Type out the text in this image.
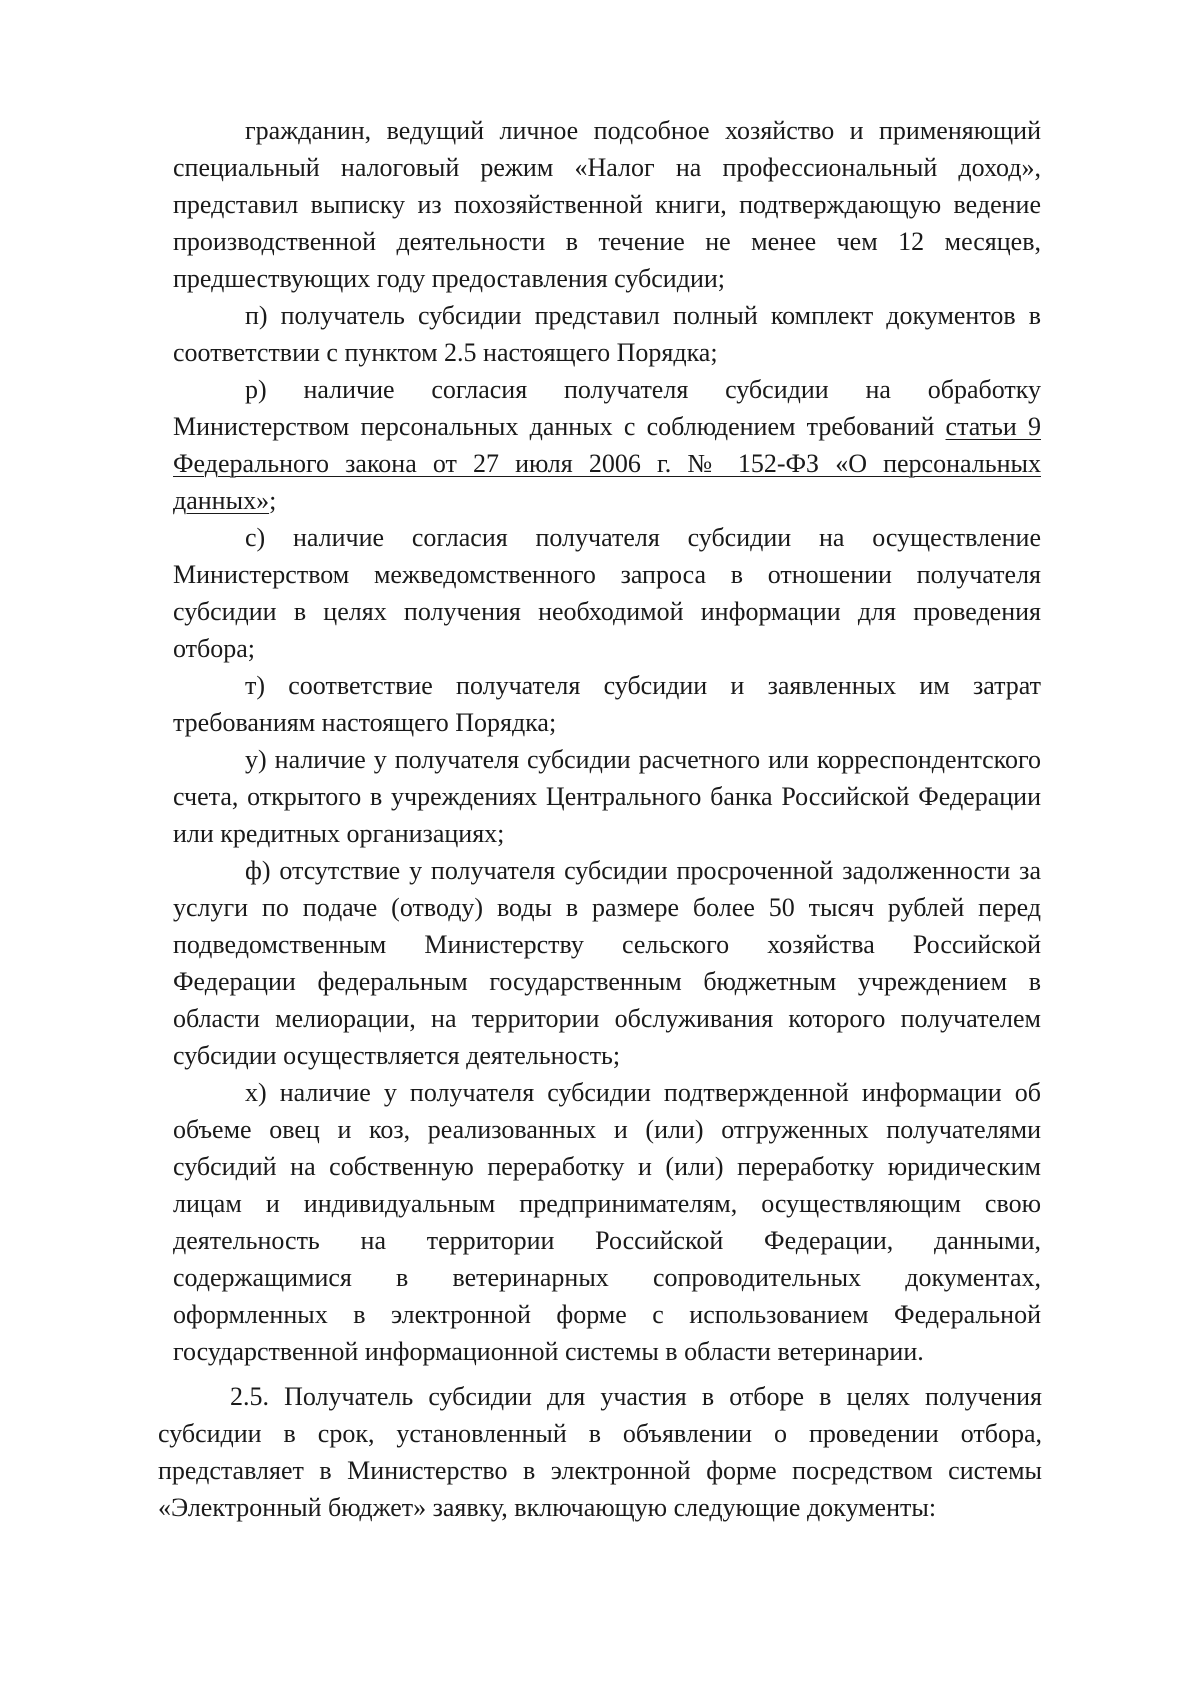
гражданин, ведущий личное подсобное хозяйство и применяющий специальный налоговый режим «Налог на профессиональный доход», представил выписку из похозяйственной книги, подтверждающую ведение производственной деятельности в течение не менее чем 12 месяцев, предшествующих году предоставления субсидии;

п) получатель субсидии представил полный комплект документов в соответствии с пунктом 2.5 настоящего Порядка;

р) наличие согласия получателя субсидии на обработку Министерством персональных данных с соблюдением требований статьи 9 Федерального закона от 27 июля 2006 г. № 152-ФЗ «О персональных данных»;

с) наличие согласия получателя субсидии на осуществление Министерством межведомственного запроса в отношении получателя субсидии в целях получения необходимой информации для проведения отбора;

т) соответствие получателя субсидии и заявленных им затрат требованиям настоящего Порядка;

у) наличие у получателя субсидии расчетного или корреспондентского счета, открытого в учреждениях Центрального банка Российской Федерации или кредитных организациях;

ф) отсутствие у получателя субсидии просроченной задолженности за услуги по подаче (отводу) воды в размере более 50 тысяч рублей перед подведомственным Министерству сельского хозяйства Российской Федерации федеральным государственным бюджетным учреждением в области мелиорации, на территории обслуживания которого получателем субсидии осуществляется деятельность;

х) наличие у получателя субсидии подтвержденной информации об объеме овец и коз, реализованных и (или) отгруженных получателями субсидий на собственную переработку и (или) переработку юридическим лицам и индивидуальным предпринимателям, осуществляющим свою деятельность на территории Российской Федерации, данными, содержащимися в ветеринарных сопроводительных документах, оформленных в электронной форме с использованием Федеральной государственной информационной системы в области ветеринарии.

2.5. Получатель субсидии для участия в отборе в целях получения субсидии в срок, установленный в объявлении о проведении отбора, представляет в Министерство в электронной форме посредством системы «Электронный бюджет» заявку, включающую следующие документы:
